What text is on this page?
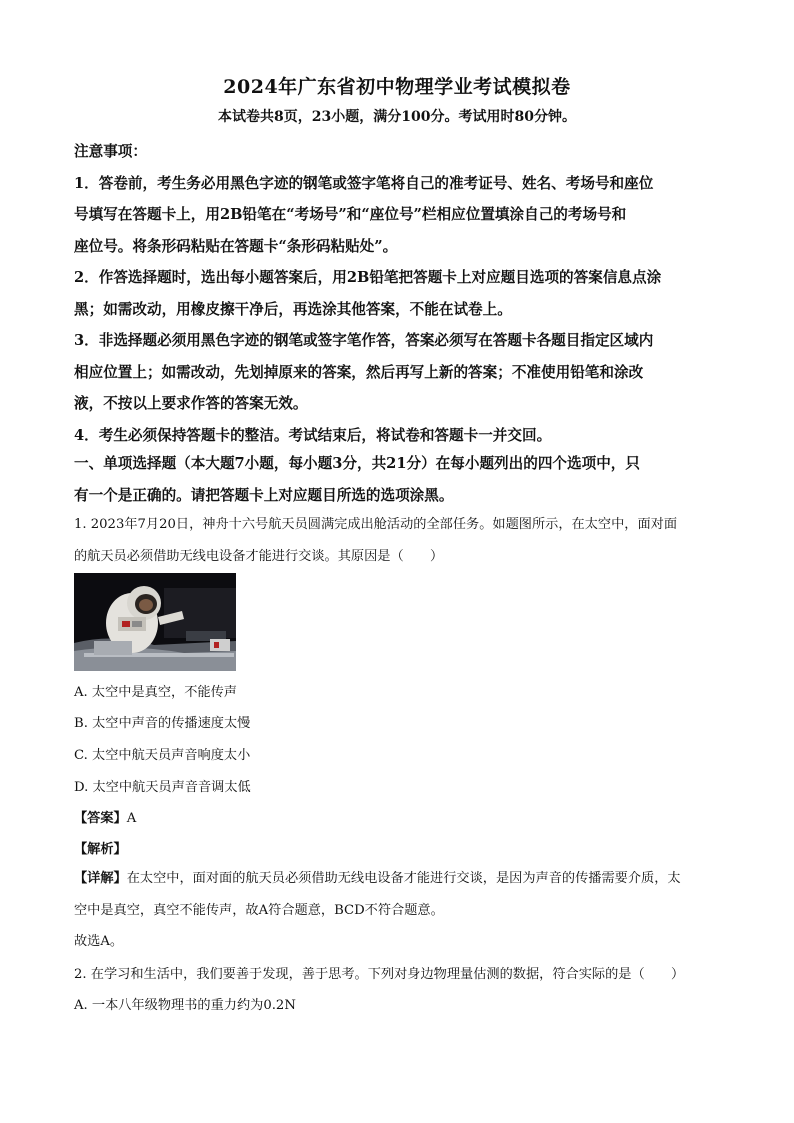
2024年广东省初中物理学业考试模拟卷
本试卷共8页，23小题，满分100分。考试用时80分钟。

注意事项：

1．答卷前，考生务必用黑色字迹的钢笔或签字笔将自己的准考证号、姓名、考场号和座位

号填写在答题卡上，用2B铅笔在“考场号”和“座位号”栏相应位置填涂自己的考场号和

座位号。将条形码粘贴在答题卡“条形码粘贴处”。

2．作答选择题时，选出每小题答案后，用2B铅笔把答题卡上对应题目选项的答案信息点涂

黑；如需改动，用橡皮擦干净后，再选涂其他答案，不能在试卷上。

3．非选择题必须用黑色字迹的钢笔或签字笔作答，答案必须写在答题卡各题目指定区域内

相应位置上；如需改动，先划掉原来的答案，然后再写上新的答案；不准使用铅笔和涂改

液，不按以上要求作答的答案无效。

4．考生必须保持答题卡的整洁。考试结束后，将试卷和答题卡一并交回。

一、单项选择题（本大题7小题，每小题3分，共21分）在每小题列出的四个选项中，只

有一个是正确的。请把答题卡上对应题目所选的选项涂黑。

1. 2023年7月20日，神舟十六号航天员圆满完成出舱活动的全部任务。如题图所示，在太空中，面对面

的航天员必须借助无线电设备才能进行交谈。其原因是（　　）

A. 太空中是真空，不能传声
B. 太空中声音的传播速度太慢
C. 太空中航天员声音响度太小
D. 太空中航天员声音音调太低
【答案】A
【解析】

【详解】在太空中，面对面的航天员必须借助无线电设备才能进行交谈，是因为声音的传播需要介质，太

空中是真空，真空不能传声，故A符合题意，BCD不符合题意。

故选A。

2. 在学习和生活中，我们要善于发现，善于思考。下列对身边物理量估测的数据，符合实际的是（　　）
A. 一本八年级物理书的重力约为0.2N
